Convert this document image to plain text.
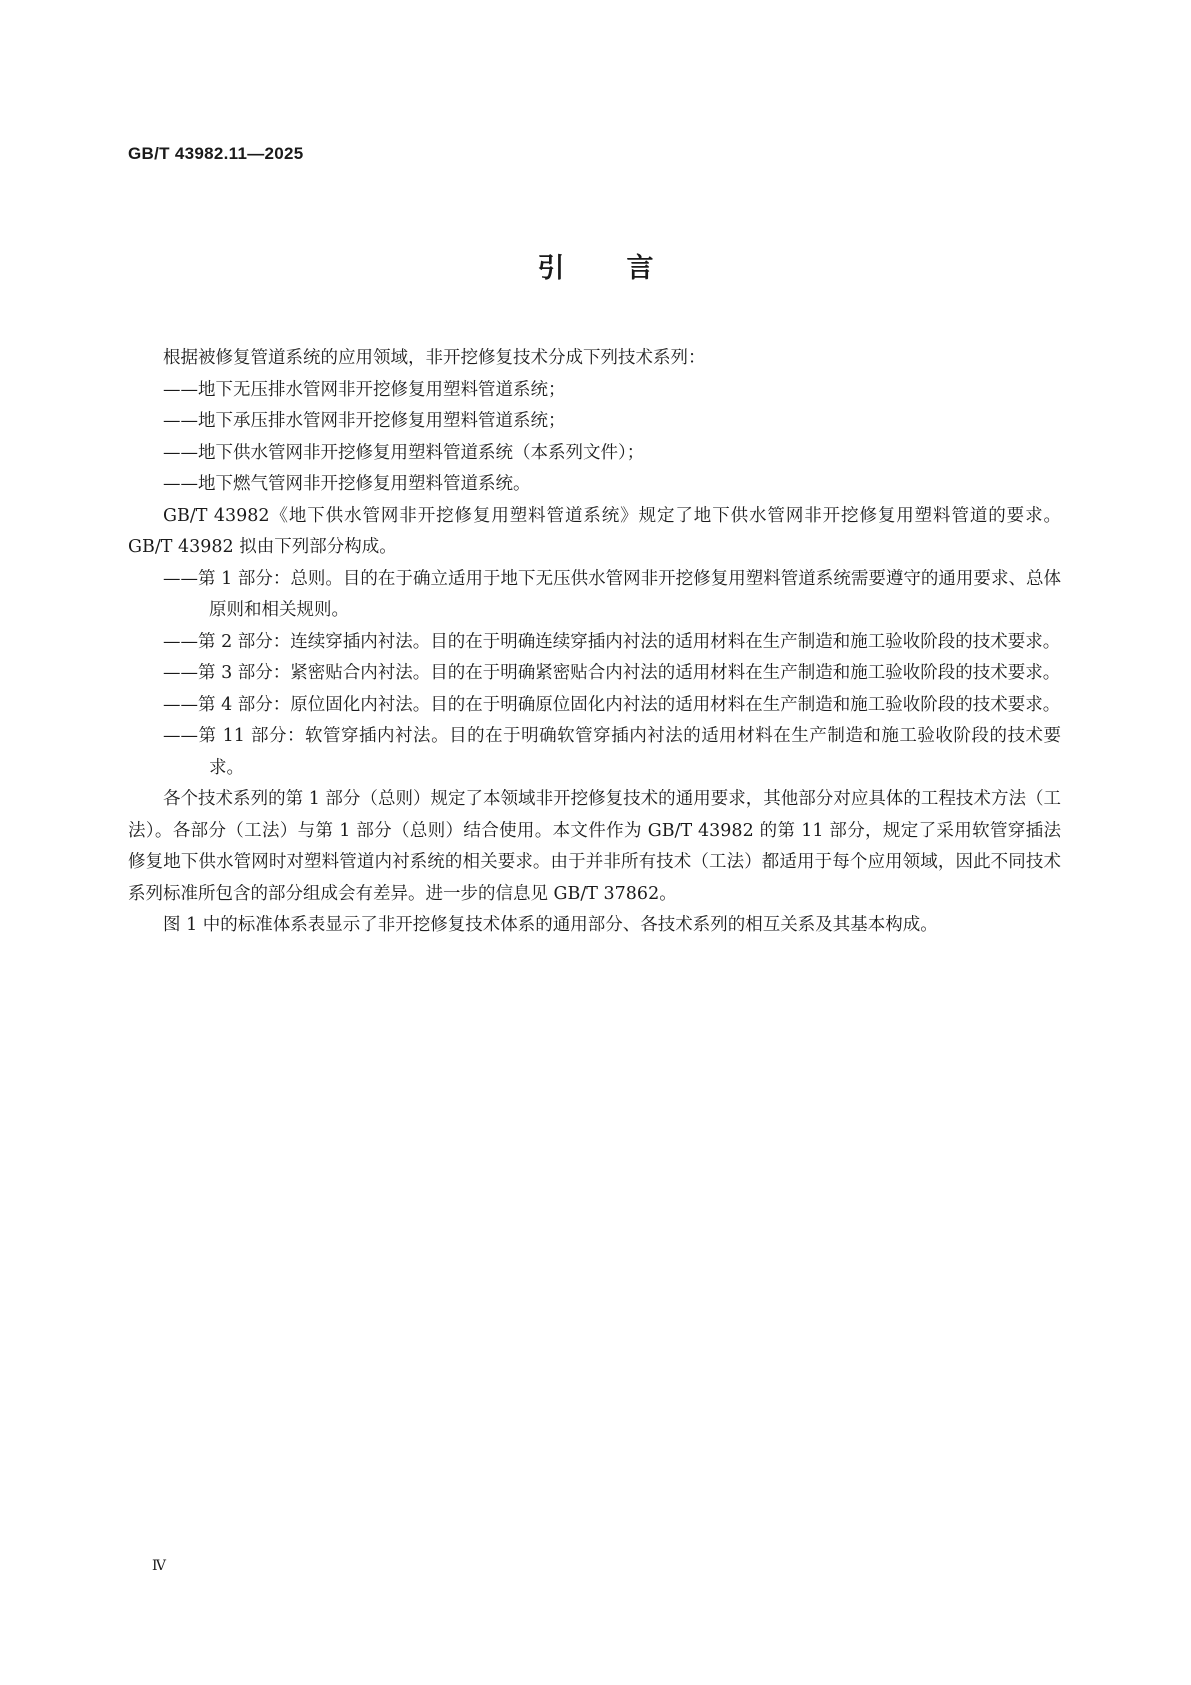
GB/T 43982.11—2025
引言

根据被修复管道系统的应用领域，非开挖修复技术分成下列技术系列：

——地下无压排水管网非开挖修复用塑料管道系统；

——地下承压排水管网非开挖修复用塑料管道系统；

——地下供水管网非开挖修复用塑料管道系统（本系列文件）；

——地下燃气管网非开挖修复用塑料管道系统。

GB/T 43982《地下供水管网非开挖修复用塑料管道系统》规定了地下供水管网非开挖修复用塑料管道的要求。GB/T 43982 拟由下列部分构成。

——第 1 部分：总则。目的在于确立适用于地下无压供水管网非开挖修复用塑料管道系统需要遵守的通用要求、总体原则和相关规则。

——第 2 部分：连续穿插内衬法。目的在于明确连续穿插内衬法的适用材料在生产制造和施工验收阶段的技术要求。

——第 3 部分：紧密贴合内衬法。目的在于明确紧密贴合内衬法的适用材料在生产制造和施工验收阶段的技术要求。

——第 4 部分：原位固化内衬法。目的在于明确原位固化内衬法的适用材料在生产制造和施工验收阶段的技术要求。

——第 11 部分：软管穿插内衬法。目的在于明确软管穿插内衬法的适用材料在生产制造和施工验收阶段的技术要求。

各个技术系列的第 1 部分（总则）规定了本领域非开挖修复技术的通用要求，其他部分对应具体的工程技术方法（工法）。各部分（工法）与第 1 部分（总则）结合使用。本文件作为 GB/T 43982 的第 11 部分，规定了采用软管穿插法修复地下供水管网时对塑料管道内衬系统的相关要求。由于并非所有技术（工法）都适用于每个应用领域，因此不同技术系列标准所包含的部分组成会有差异。进一步的信息见 GB/T 37862。

图 1 中的标准体系表显示了非开挖修复技术体系的通用部分、各技术系列的相互关系及其基本构成。

Ⅳ
